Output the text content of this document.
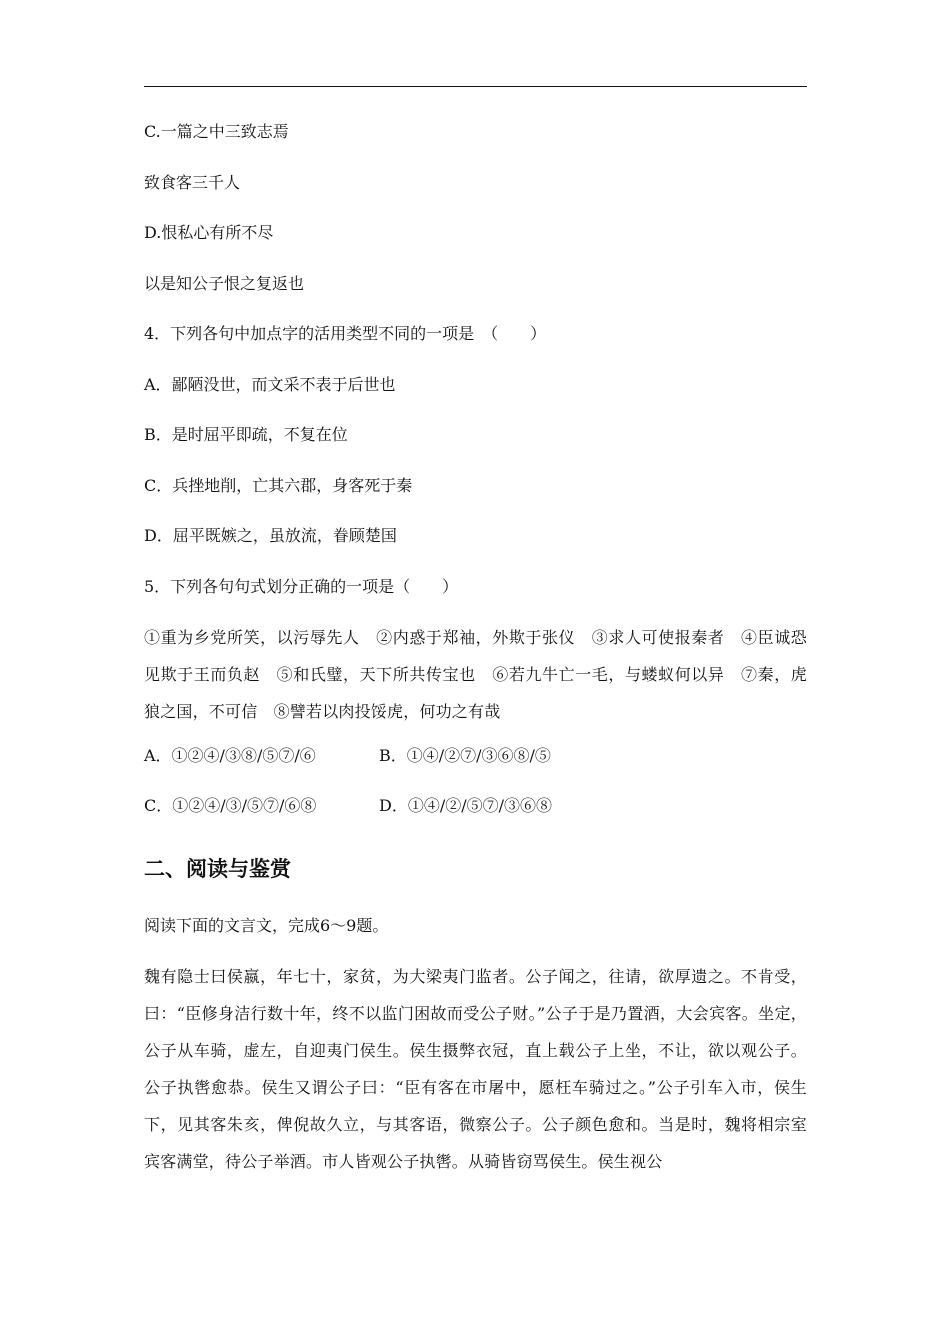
C.一篇之中三致志焉

致食客三千人

D.恨私心有所不尽

以是知公子恨之复返也

4．下列各句中加点字的活用类型不同的一项是　（　　）

A．鄙陋没世，而文采不表于后世也

B．是时屈平即疏，不复在位

C．兵挫地削，亡其六郡，身客死于秦

D．屈平既嫉之，虽放流，眷顾楚国

5．下列各句句式划分正确的一项是（　　）

①重为乡党所笑，以污辱先人　②内惑于郑袖，外欺于张仪　③求人可使报秦者　④臣诚恐见欺于王而负赵　⑤和氏璧，天下所共传宝也　⑥若九牛亡一毛，与蝼蚁何以异　⑦秦，虎狼之国，不可信　⑧譬若以肉投馁虎，何功之有哉

A．①②④/③⑧/⑤⑦/⑥	B．①④/②⑦/③⑥⑧/⑤
C．①②④/③/⑤⑦/⑥⑧	D．①④/②/⑤⑦/③⑥⑧
二、阅读与鉴赏

阅读下面的文言文，完成6～9题。

魏有隐士曰侯嬴，年七十，家贫，为大梁夷门监者。公子闻之，往请，欲厚遗之。不肯受，曰：“臣修身洁行数十年，终不以监门困故而受公子财。”公子于是乃置酒，大会宾客。坐定，公子从车骑，虚左，自迎夷门侯生。侯生摄弊衣冠，直上载公子上坐，不让，欲以观公子。公子执辔愈恭。侯生又谓公子曰：“臣有客在市屠中，愿枉车骑过之。”公子引车入市，侯生下，见其客朱亥，俾倪故久立，与其客语，微察公子。公子颜色愈和。当是时，魏将相宗室宾客满堂，待公子举酒。市人皆观公子执辔。从骑皆窃骂侯生。侯生视公
